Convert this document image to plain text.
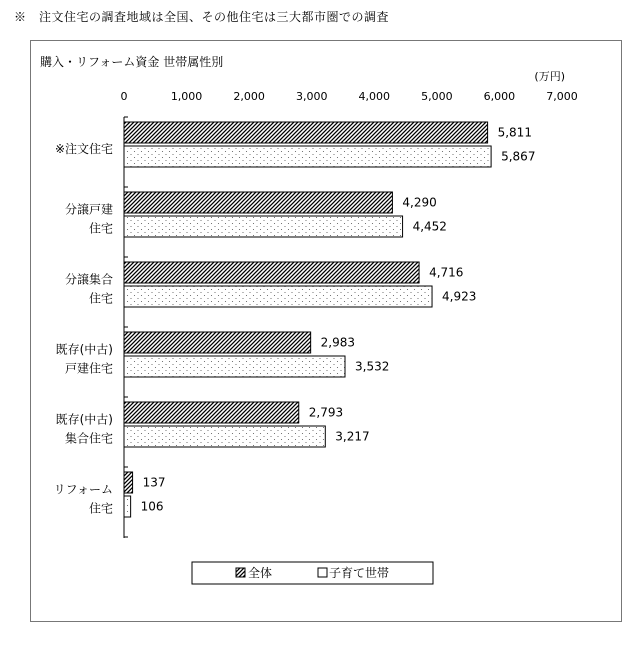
※　注文住宅の調査地域は全国、その他住宅は三大都市圏での調査
購入・リフォーム資金 世帯属性別
(万円)
0	1,000	2,000	3,000	4,000	5,000	6,000	7,000
※注文住宅
分譲戸建
住宅
分譲集合
住宅
既存(中古)
戸建住宅
既存(中古)
集合住宅
リフォーム
住宅
5,811
4,290
4,716
2,983
2,793
137
5,867
4,452
4,923
3,532
3,217
106
全体	子育て世帯
